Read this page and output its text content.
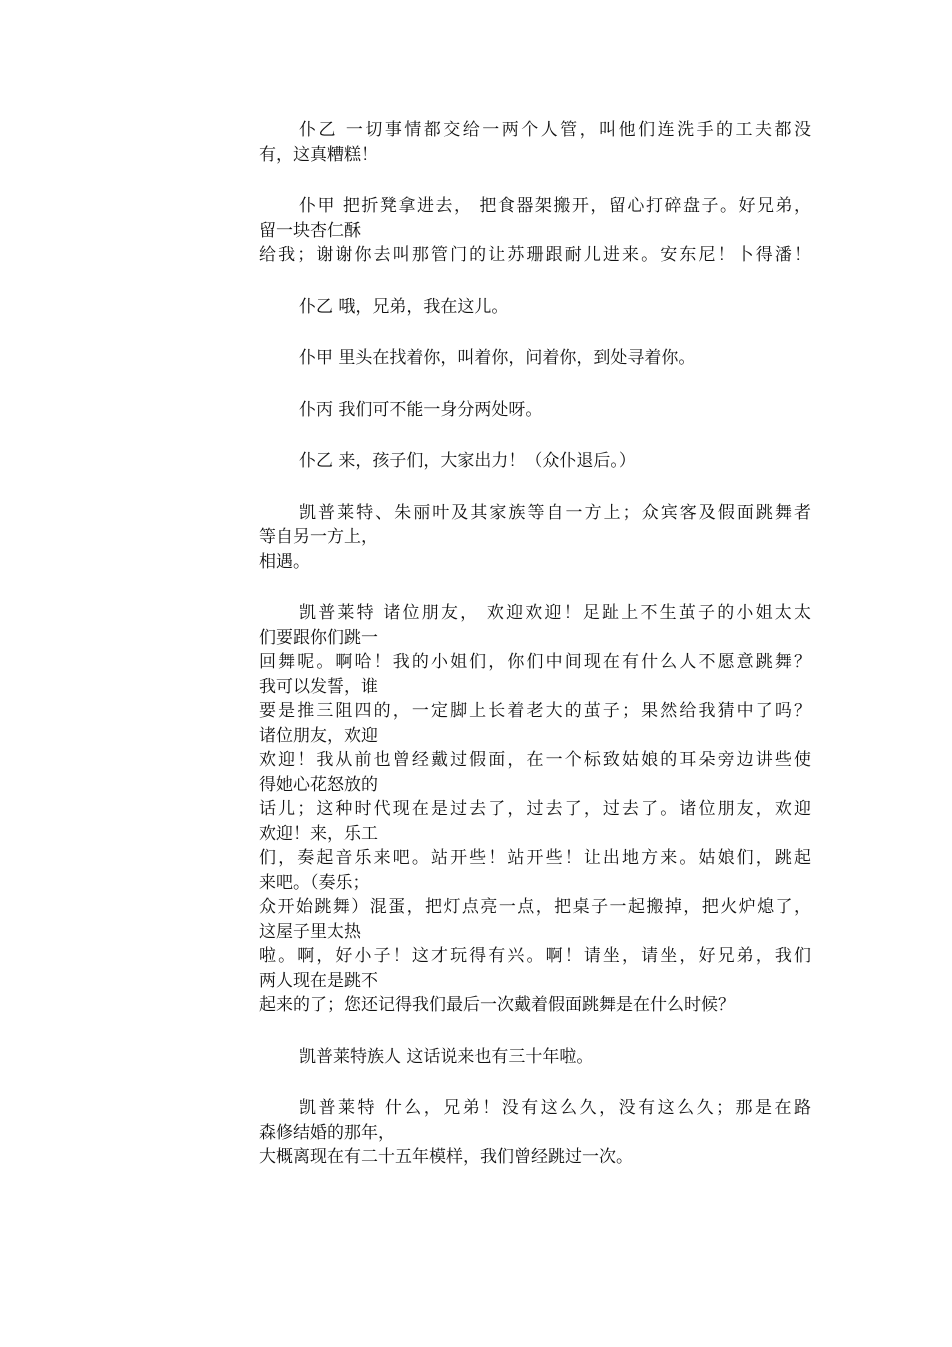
仆乙 一切事情都交给一两个人管，叫他们连洗手的工夫都没
有，这真糟糕！
仆甲 把折凳拿进去， 把食器架搬开，留心打碎盘子。好兄弟，
留一块杏仁酥
给我；谢谢你去叫那管门的让苏珊跟耐儿进来。安东尼！卜得潘！
仆乙 哦，兄弟，我在这儿。
仆甲 里头在找着你，叫着你，问着你，到处寻着你。
仆丙 我们可不能一身分两处呀。
仆乙 来，孩子们，大家出力！（众仆退后。）
凯普莱特、朱丽叶及其家族等自一方上；众宾客及假面跳舞者
等自另一方上，
相遇。
凯普莱特 诸位朋友， 欢迎欢迎！足趾上不生茧子的小姐太太
们要跟你们跳一
回舞呢。啊哈！我的小姐们，你们中间现在有什么人不愿意跳舞？
我可以发誓，谁
要是推三阻四的，一定脚上长着老大的茧子；果然给我猜中了吗？
诸位朋友，欢迎
欢迎！我从前也曾经戴过假面，在一个标致姑娘的耳朵旁边讲些使
得她心花怒放的
话儿；这种时代现在是过去了，过去了，过去了。诸位朋友，欢迎
欢迎！来，乐工
们，奏起音乐来吧。站开些！站开些！让出地方来。姑娘们，跳起
来吧。（奏乐；
众开始跳舞）混蛋，把灯点亮一点，把桌子一起搬掉，把火炉熄了，
这屋子里太热
啦。啊，好小子！这才玩得有兴。啊！请坐，请坐，好兄弟，我们
两人现在是跳不
起来的了；您还记得我们最后一次戴着假面跳舞是在什么时候？
凯普莱特族人 这话说来也有三十年啦。
凯普莱特 什么，兄弟！没有这么久，没有这么久；那是在路
森修结婚的那年，
大概离现在有二十五年模样，我们曾经跳过一次。
